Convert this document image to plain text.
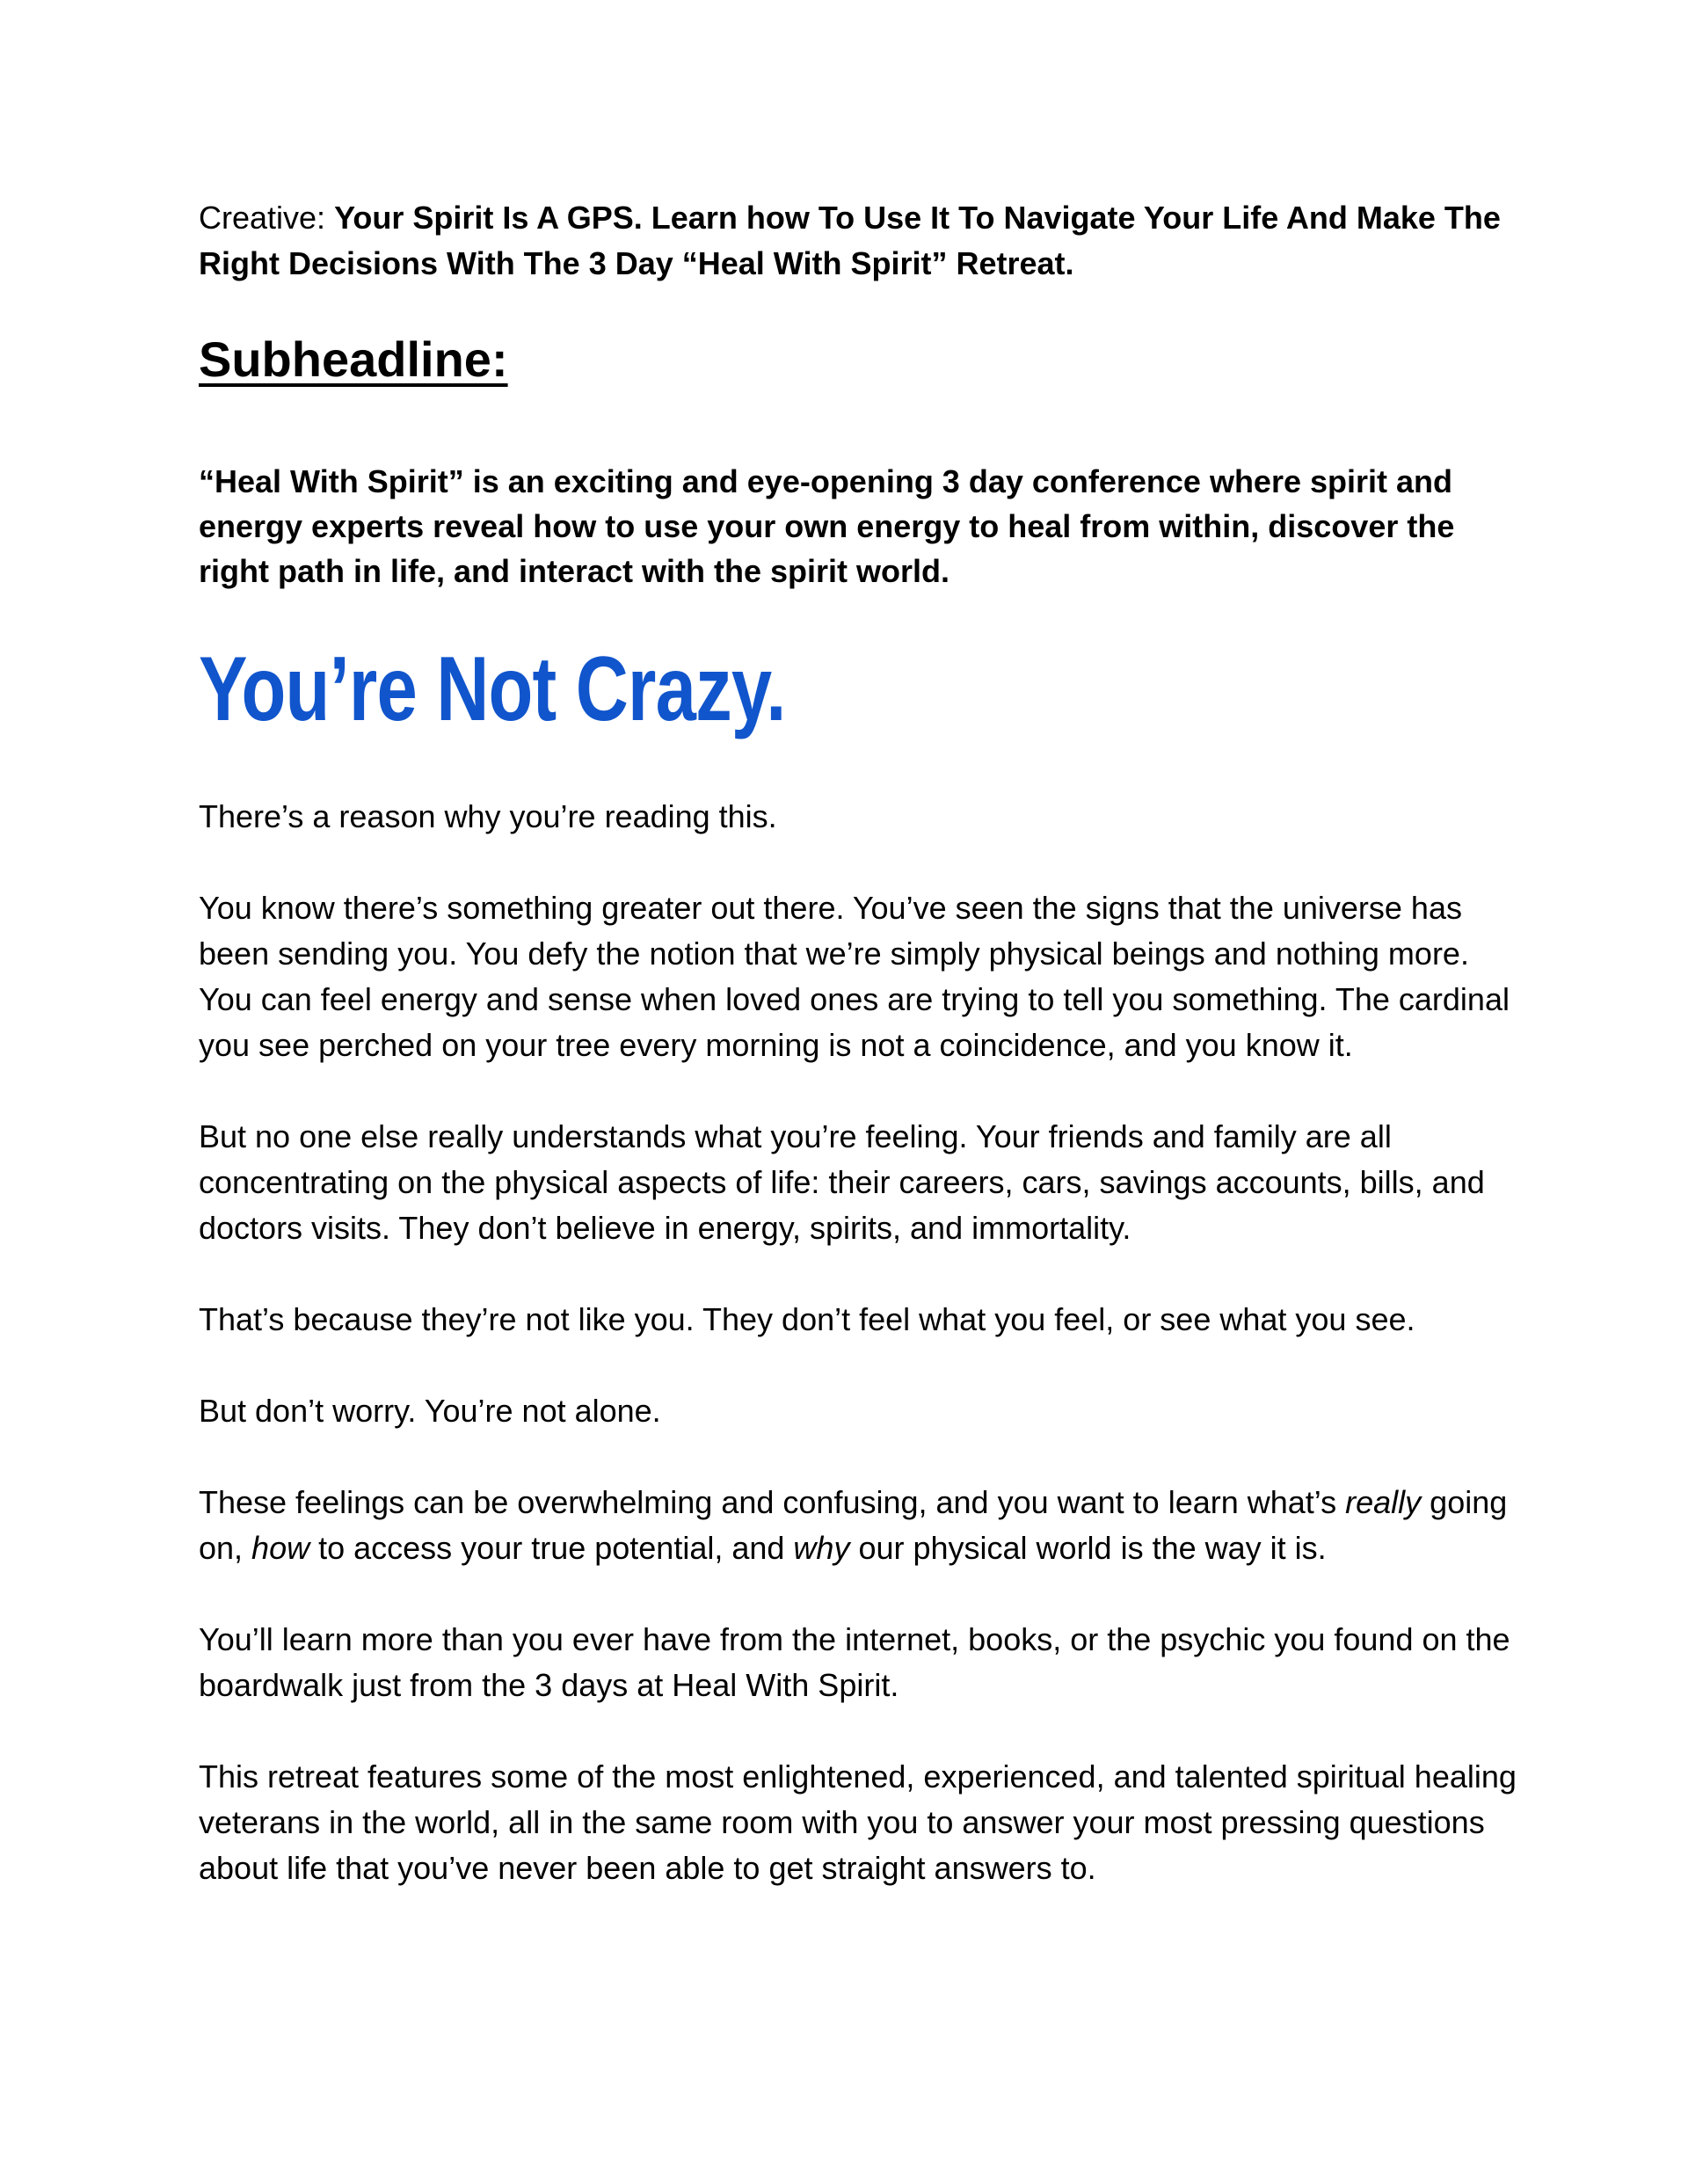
Creative: Your Spirit Is A GPS. Learn how To Use It To Navigate Your Life And Make The Right Decisions With The 3 Day “Heal With Spirit” Retreat.

Subheadline:

“Heal With Spirit” is an exciting and eye-opening 3 day conference where spirit and energy experts reveal how to use your own energy to heal from within, discover the right path in life, and interact with the spirit world.

You’re Not Crazy.

There’s a reason why you’re reading this.

You know there’s something greater out there. You’ve seen the signs that the universe has been sending you. You defy the notion that we’re simply physical beings and nothing more. You can feel energy and sense when loved ones are trying to tell you something. The cardinal you see perched on your tree every morning is not a coincidence, and you know it.

But no one else really understands what you’re feeling. Your friends and family are all concentrating on the physical aspects of life: their careers, cars, savings accounts, bills, and doctors visits. They don’t believe in energy, spirits, and immortality.

That’s because they’re not like you. They don’t feel what you feel, or see what you see.

But don’t worry. You’re not alone.

These feelings can be overwhelming and confusing, and you want to learn what’s really going on, how to access your true potential, and why our physical world is the way it is.

You’ll learn more than you ever have from the internet, books, or the psychic you found on the boardwalk just from the 3 days at Heal With Spirit.

This retreat features some of the most enlightened, experienced, and talented spiritual healing veterans in the world, all in the same room with you to answer your most pressing questions about life that you’ve never been able to get straight answers to.
